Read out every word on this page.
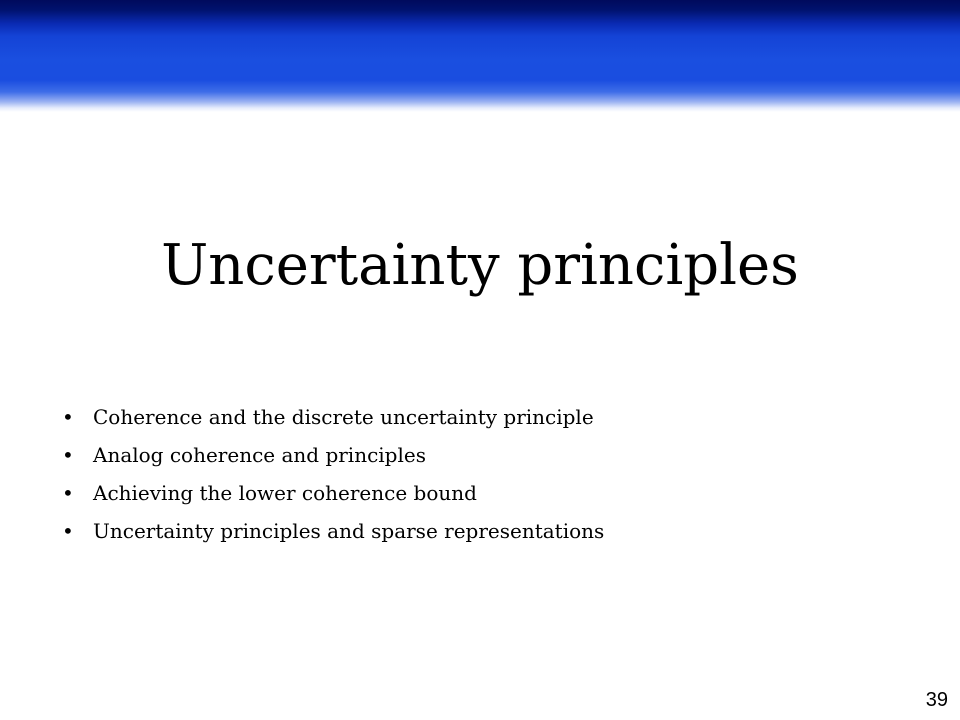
Uncertainty principles
• Coherence and the discrete uncertainty principle
• Analog coherence and principles
• Achieving the lower coherence bound
• Uncertainty principles and sparse representations
39
